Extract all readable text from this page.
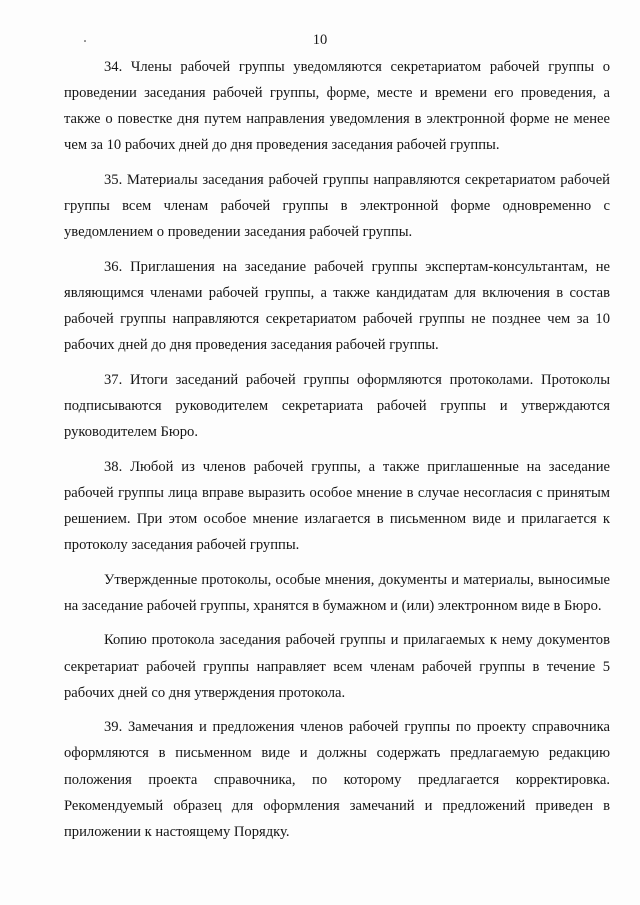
10

34. Члены рабочей группы уведомляются секретариатом рабочей группы о проведении заседания рабочей группы, форме, месте и времени его проведения, а также о повестке дня путем направления уведомления в электронной форме не менее чем за 10 рабочих дней до дня проведения заседания рабочей группы.

35. Материалы заседания рабочей группы направляются секретариатом рабочей группы всем членам рабочей группы в электронной форме одновременно с уведомлением о проведении заседания рабочей группы.

36. Приглашения на заседание рабочей группы экспертам-консультантам, не являющимся членами рабочей группы, а также кандидатам для включения в состав рабочей группы направляются секретариатом рабочей группы не позднее чем за 10 рабочих дней до дня проведения заседания рабочей группы.

37. Итоги заседаний рабочей группы оформляются протоколами. Протоколы подписываются руководителем секретариата рабочей группы и утверждаются руководителем Бюро.

38. Любой из членов рабочей группы, а также приглашенные на заседание рабочей группы лица вправе выразить особое мнение в случае несогласия с принятым решением. При этом особое мнение излагается в письменном виде и прилагается к протоколу заседания рабочей группы.

Утвержденные протоколы, особые мнения, документы и материалы, выносимые на заседание рабочей группы, хранятся в бумажном и (или) электронном виде в Бюро.

Копию протокола заседания рабочей группы и прилагаемых к нему документов секретариат рабочей группы направляет всем членам рабочей группы в течение 5 рабочих дней со дня утверждения протокола.

39. Замечания и предложения членов рабочей группы по проекту справочника оформляются в письменном виде и должны содержать предлагаемую редакцию положения проекта справочника, по которому предлагается корректировка. Рекомендуемый образец для оформления замечаний и предложений приведен в приложении к настоящему Порядку.
